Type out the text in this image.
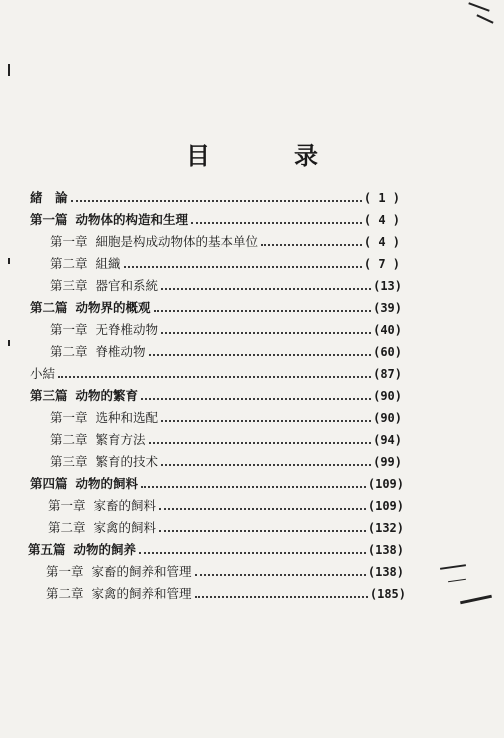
目　录
緒　論	( 1 )
第一篇 动物体的构造和生理	( 4 )
第一章 細胞是构成动物体的基本单位	( 4 )
第二章 組織	( 7 )
第三章 器官和系統	(13)
第二篇 动物界的概观	(39)
第一章 无脊椎动物	(40)
第二章 脊椎动物	(60)
小結	(87)
第三篇 动物的繁育	(90)
第一章 选种和选配	(90)
第二章 繁育方法	(94)
第三章 繁育的技术	(99)
第四篇 动物的飼料	(109)
第一章 家畜的飼料	(109)
第二章 家禽的飼料	(132)
第五篇 动物的飼养	(138)
第一章 家畜的飼养和管理	(138)
第二章 家禽的飼养和管理	(185)
